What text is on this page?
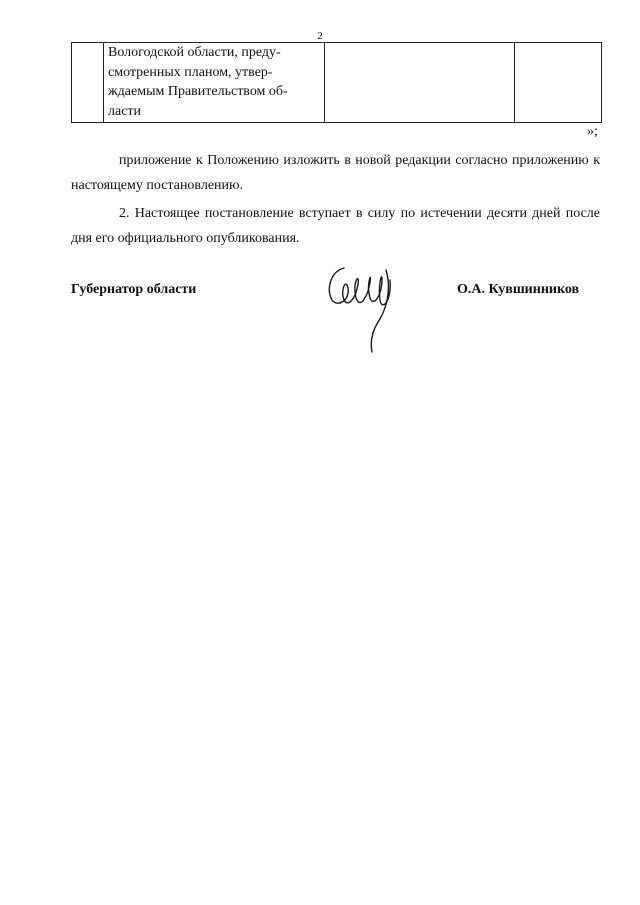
2

Вологодской области, преду-
смотренных планом, утвер-
ждаемым Правительством об-
ласти

»;
приложение к Положению изложить в новой редакции согласно приложению к настоящему постановлению.
2. Настоящее постановление вступает в силу по истечении десяти дней после дня его официального опубликования.
Губернатор области	О.А. Кувшинников
